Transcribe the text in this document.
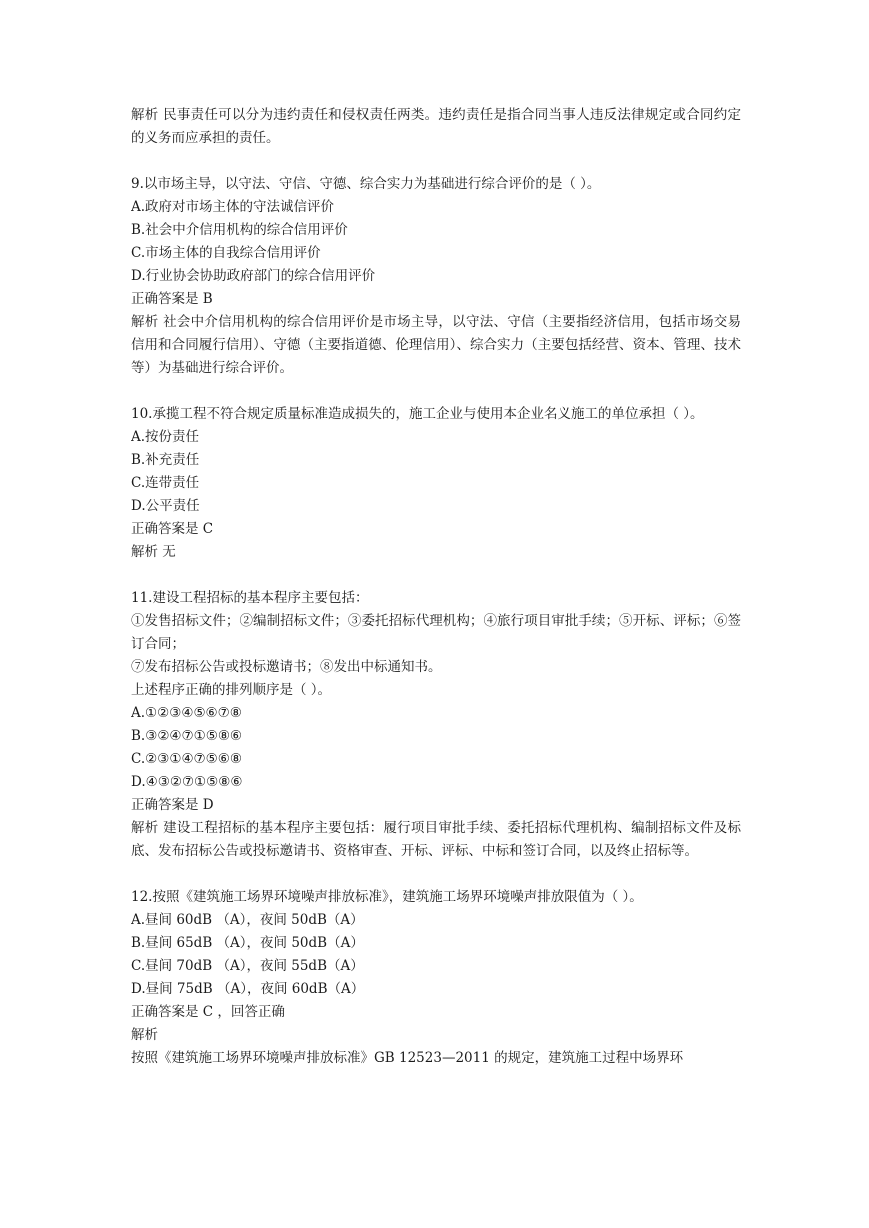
解析 民事责任可以分为违约责任和侵权责任两类。违约责任是指合同当事人违反法律规定或合同约定的义务而应承担的责任。
9.以市场主导，以守法、守信、守德、综合实力为基础进行综合评价的是（ ）。
A.政府对市场主体的守法诚信评价
B.社会中介信用机构的综合信用评价
C.市场主体的自我综合信用评价
D.行业协会协助政府部门的综合信用评价
正确答案是 B
解析 社会中介信用机构的综合信用评价是市场主导，以守法、守信（主要指经济信用，包括市场交易信用和合同履行信用）、守德（主要指道德、伦理信用）、综合实力（主要包括经营、资本、管理、技术等）为基础进行综合评价。
10.承揽工程不符合规定质量标准造成损失的，施工企业与使用本企业名义施工的单位承担（ ）。
A.按份责任
B.补充责任
C.连带责任
D.公平责任
正确答案是 C
解析 无
11.建设工程招标的基本程序主要包括：
①发售招标文件；②编制招标文件；③委托招标代理机构；④旅行项目审批手续；⑤开标、评标；⑥签订合同；
⑦发布招标公告或投标邀请书；⑧发出中标通知书。
上述程序正确的排列顺序是（ ）。
A.①②③④⑤⑥⑦⑧
B.③②④⑦①⑤⑧⑥
C.②③①④⑦⑤⑥⑧
D.④③②⑦①⑤⑧⑥
正确答案是 D
解析 建设工程招标的基本程序主要包括：履行项目审批手续、委托招标代理机构、编制招标文件及标底、发布招标公告或投标邀请书、资格审查、开标、评标、中标和签订合同，以及终止招标等。
12.按照《建筑施工场界环境噪声排放标准》，建筑施工场界环境噪声排放限值为（ ）。
A.昼间 60dB （A），夜间 50dB（A）
B.昼间 65dB （A），夜间 50dB（A）
C.昼间 70dB （A），夜间 55dB（A）
D.昼间 75dB （A），夜间 60dB（A）
正确答案是 C ，回答正确
解析
按照《建筑施工场界环境噪声排放标准》GB 12523—2011 的规定，建筑施工过程中场界环
